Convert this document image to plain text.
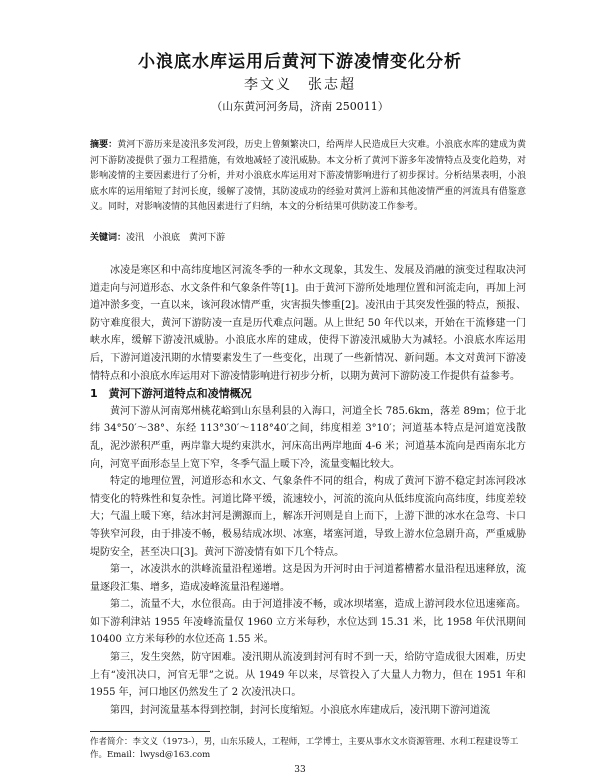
小浪底水库运用后黄河下游凌情变化分析
李文义　张志超
（山东黄河河务局，济南 250011）
摘要：黄河下游历来是凌汛多发河段，历史上曾频繁决口，给两岸人民造成巨大灾难。小浪底水库的建成为黄河下游防凌提供了强力工程措施，有效地减轻了凌汛威胁。本文分析了黄河下游多年凌情特点及变化趋势，对影响凌情的主要因素进行了分析，并对小浪底水库运用对下游凌情影响进行了初步探讨。分析结果表明，小浪底水库的运用缩短了封河长度，缓解了凌情，其防凌成功的经验对黄河上游和其他凌情严重的河流具有借鉴意义。同时，对影响凌情的其他因素进行了归纳，本文的分析结果可供防凌工作参考。
关键词：凌汛　小浪底　黄河下游

冰凌是寒区和中高纬度地区河流冬季的一种水文现象，其发生、发展及消融的演变过程取决河道走向与河道形态、水文条件和气象条件等[1]。由于黄河下游所处地理位置和河流走向，再加上河道冲淤多变，一直以来，该河段冰情严重，灾害损失惨重[2]。凌汛由于其突发性强的特点，预报、防守难度很大，黄河下游防凌一直是历代难点问题。从上世纪 50 年代以来，开始在干流修建一门峡水库，缓解下游凌汛威胁。小浪底水库的建成，使得下游凌汛威胁大为减轻。小浪底水库运用后，下游河道凌汛期的水情要素发生了一些变化，出现了一些新情况、新问题。本文对黄河下游凌情特点和小浪底水库运用对下游凌情影响进行初步分析，以期为黄河下游防凌工作提供有益参考。

1　黄河下游河道特点和凌情概况

黄河下游从河南郑州桃花峪到山东垦利县的入海口，河道全长 785.6km，落差 89m；位于北纬 34°50′～38°、东经 113°30′～118°40′之间，纬度相差 3°10′；河道基本特点是河道宽浅散乱，泥沙淤积严重，两岸靠大堤约束洪水，河床高出两岸地面 4-6 米；河道基本流向是西南东北方向，河宽平面形态呈上宽下窄，冬季气温上暖下冷，流量变幅比较大。

特定的地理位置，河道形态和水文、气象条件不同的组合，构成了黄河下游不稳定封冻河段冰情变化的特殊性和复杂性。河道比降平缓，流速较小，河流的流向从低纬度流向高纬度，纬度差较大；气温上暖下寒，结冰封河是溯源而上，解冻开河则是自上而下，上游下泄的冰水在急弯、卡口等狭窄河段，由于排凌不畅，极易结成冰坝、冰塞，堵塞河道，导致上游水位急剧升高，严重威胁堤防安全，甚至决口[3]。黄河下游凌情有如下几个特点。

第一，冰凌洪水的洪峰流量沿程递增。这是因为开河时由于河道蓄槽蓄水量沿程迅速释放，流量逐段汇集、增多，造成凌峰流量沿程递增。

第二，流量不大，水位很高。由于河道排凌不畅，或冰坝堵塞，造成上游河段水位迅速雍高。如下游利津站 1955 年凌峰流量仅 1960 立方米每秒，水位达到 15.31 米，比 1958 年伏汛期间 10400 立方米每秒的水位还高 1.55 米。

第三，发生突然，防守困难。凌汛期从流凌到封河有时不到一天，给防守造成很大困难，历史上有“凌汛决口，河官无罪”之说。从 1949 年以来，尽管投入了大量人力物力，但在 1951 年和 1955 年，河口地区仍然发生了 2 次凌汛决口。

第四，封河流量基本得到控制，封河长度缩短。小浪底水库建成后，凌汛期下游河道流

作者简介：李文义（1973-），男，山东乐陵人，工程师，工学博士，主要从事水文水资源管理、水利工程建设等工作。Email：lwysd@163.com
33
